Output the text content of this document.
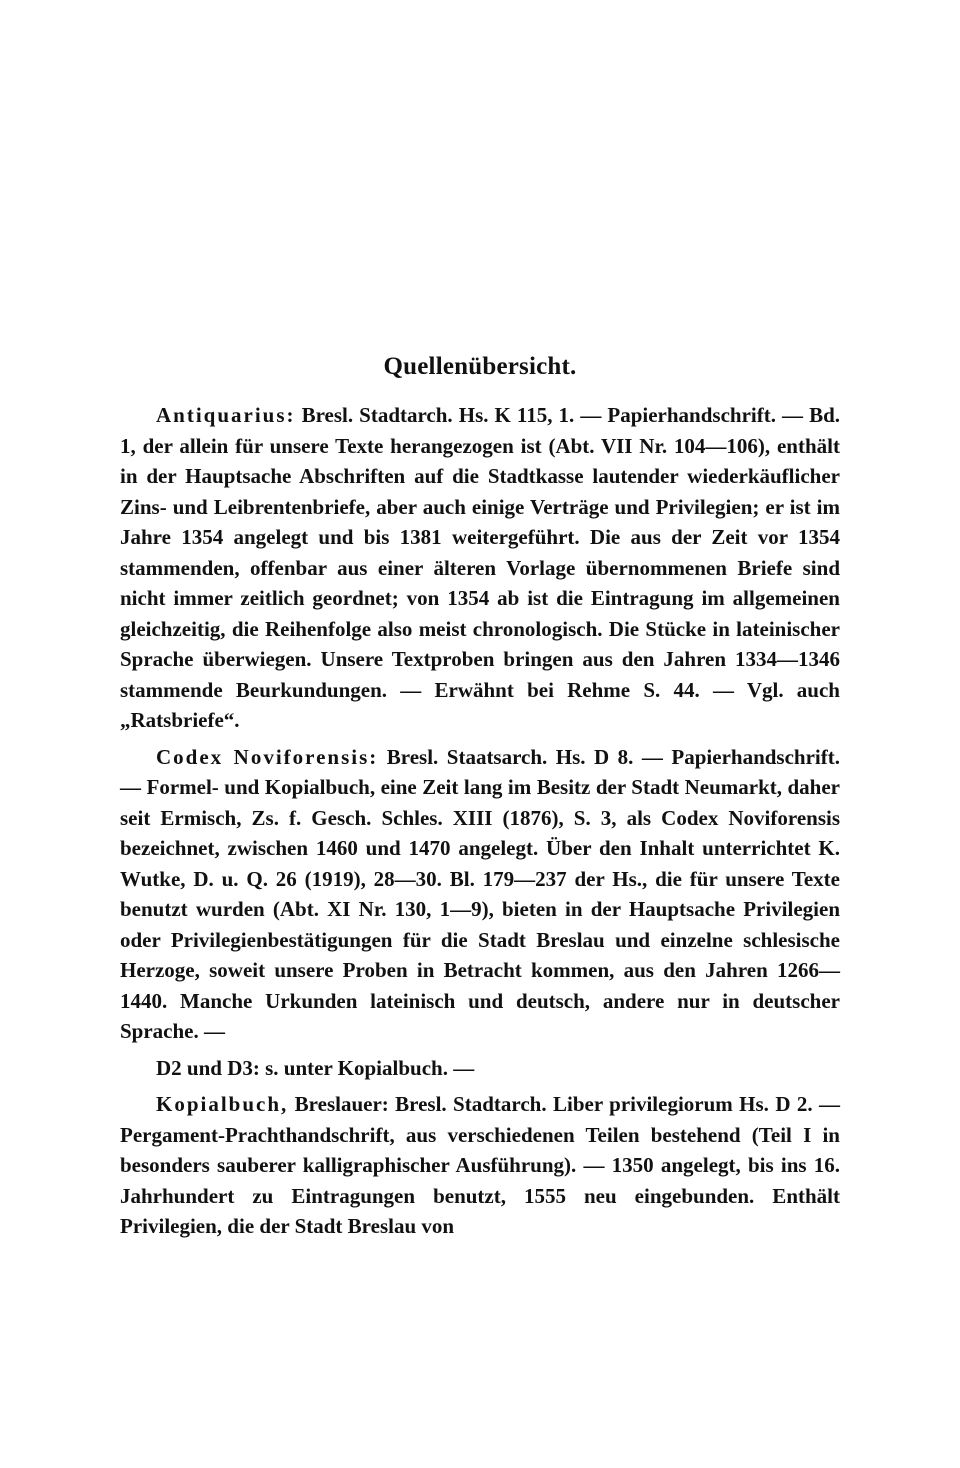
Quellenübersicht.

Antiquarius: Bresl. Stadtarch. Hs. K 115, 1. — Papierhandschrift. — Bd. 1, der allein für unsere Texte herangezogen ist (Abt. VII Nr. 104—106), enthält in der Hauptsache Abschriften auf die Stadtkasse lautender wiederkäuflicher Zins- und Leibrentenbriefe, aber auch einige Verträge und Privilegien; er ist im Jahre 1354 angelegt und bis 1381 weitergeführt. Die aus der Zeit vor 1354 stammenden, offenbar aus einer älteren Vorlage übernommenen Briefe sind nicht immer zeitlich geordnet; von 1354 ab ist die Eintragung im allgemeinen gleichzeitig, die Reihenfolge also meist chronologisch. Die Stücke in lateinischer Sprache überwiegen. Unsere Textproben bringen aus den Jahren 1334—1346 stammende Beurkundungen. — Erwähnt bei Rehme S. 44. — Vgl. auch „Ratsbriefe“.

Codex Noviforensis: Bresl. Staatsarch. Hs. D 8. — Papierhandschrift. — Formel- und Kopialbuch, eine Zeit lang im Besitz der Stadt Neumarkt, daher seit Ermisch, Zs. f. Gesch. Schles. XIII (1876), S. 3, als Codex Noviforensis bezeichnet, zwischen 1460 und 1470 angelegt. Über den Inhalt unterrichtet K. Wutke, D. u. Q. 26 (1919), 28—30. Bl. 179—237 der Hs., die für unsere Texte benutzt wurden (Abt. XI Nr. 130, 1—9), bieten in der Hauptsache Privilegien oder Privilegienbestätigungen für die Stadt Breslau und einzelne schlesische Herzoge, soweit unsere Proben in Betracht kommen, aus den Jahren 1266—1440. Manche Urkunden lateinisch und deutsch, andere nur in deutscher Sprache. —

D2 und D3: s. unter Kopialbuch. —

Kopialbuch, Breslauer: Bresl. Stadtarch. Liber privilegiorum Hs. D 2. — Pergament-Prachthandschrift, aus verschiedenen Teilen bestehend (Teil I in besonders sauberer kalligraphischer Ausführung). — 1350 angelegt, bis ins 16. Jahrhundert zu Eintragungen benutzt, 1555 neu eingebunden. Enthält Privilegien, die der Stadt Breslau von
